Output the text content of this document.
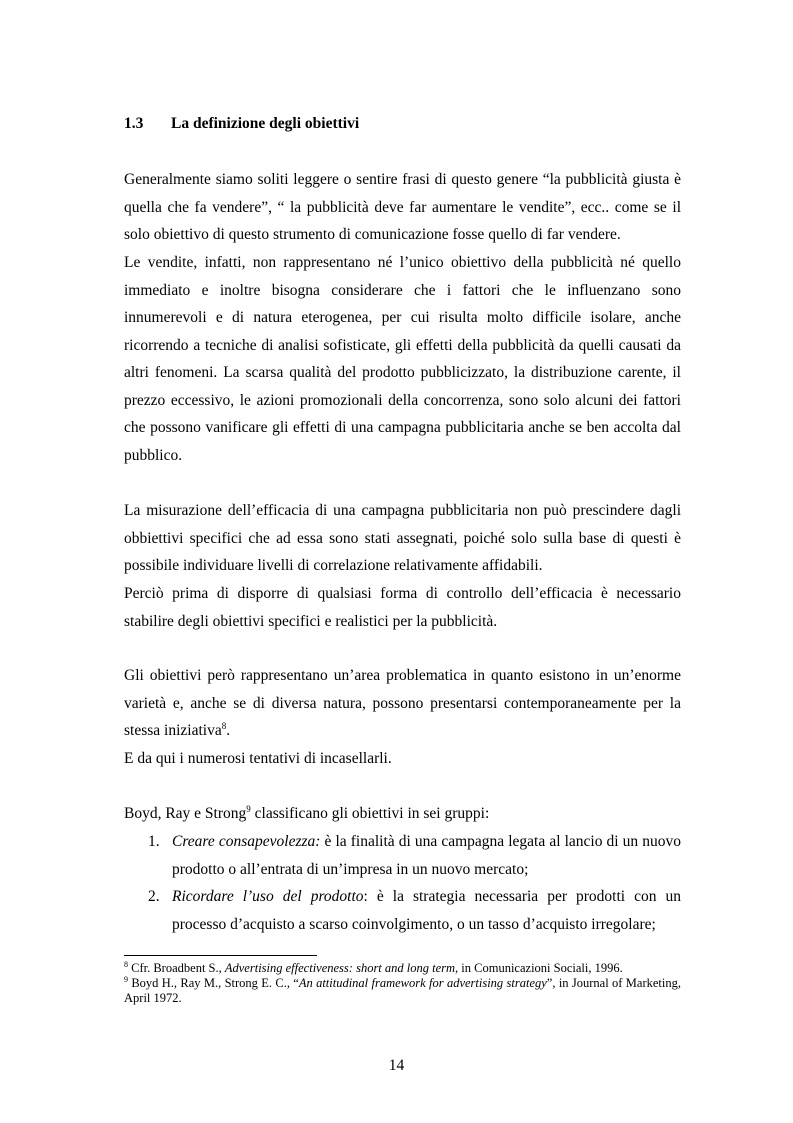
1.3 La definizione degli obiettivi
Generalmente siamo soliti leggere o sentire frasi di questo genere “la pubblicità giusta è quella che fa vendere”, “ la pubblicità deve far aumentare le vendite”, ecc.. come se il solo obiettivo di questo strumento di comunicazione fosse quello di far vendere.
Le vendite, infatti, non rappresentano né l’unico obiettivo della pubblicità né quello immediato e inoltre bisogna considerare che i fattori che le influenzano sono innumerevoli e di natura eterogenea, per cui risulta molto difficile isolare, anche ricorrendo a tecniche di analisi sofisticate, gli effetti della pubblicità da quelli causati da altri fenomeni. La scarsa qualità del prodotto pubblicizzato, la distribuzione carente, il prezzo eccessivo, le azioni promozionali della concorrenza, sono solo alcuni dei fattori che possono vanificare gli effetti di una campagna pubblicitaria anche se ben accolta dal pubblico.
La misurazione dell’efficacia di una campagna pubblicitaria non può prescindere dagli obbiettivi specifici che ad essa sono stati assegnati, poiché solo sulla base di questi è possibile individuare livelli di correlazione relativamente affidabili.
Perciò prima di disporre di qualsiasi forma di controllo dell’efficacia è necessario stabilire degli obiettivi specifici e realistici per la pubblicità.
Gli obiettivi però rappresentano un’area problematica in quanto esistono in un’enorme varietà e, anche se di diversa natura, possono presentarsi contemporaneamente per la stessa iniziativa$^8$.
E da qui i numerosi tentativi di incasellarli.
Boyd, Ray e Strong$^9$ classificano gli obiettivi in sei gruppi:
1. Creare consapevolezza: è la finalità di una campagna legata al lancio di un nuovo prodotto o all’entrata di un’impresa in un nuovo mercato;
2. Ricordare l’uso del prodotto: è la strategia necessaria per prodotti con un processo d’acquisto a scarso coinvolgimento, o un tasso d’acquisto irregolare;
$^8$ Cfr. Broadbent S., Advertising effectiveness: short and long term, in Comunicazioni Sociali, 1996.
$^9$ Boyd H., Ray M., Strong E. C., “An attitudinal framework for advertising strategy”, in Journal of Marketing, April 1972.
14
